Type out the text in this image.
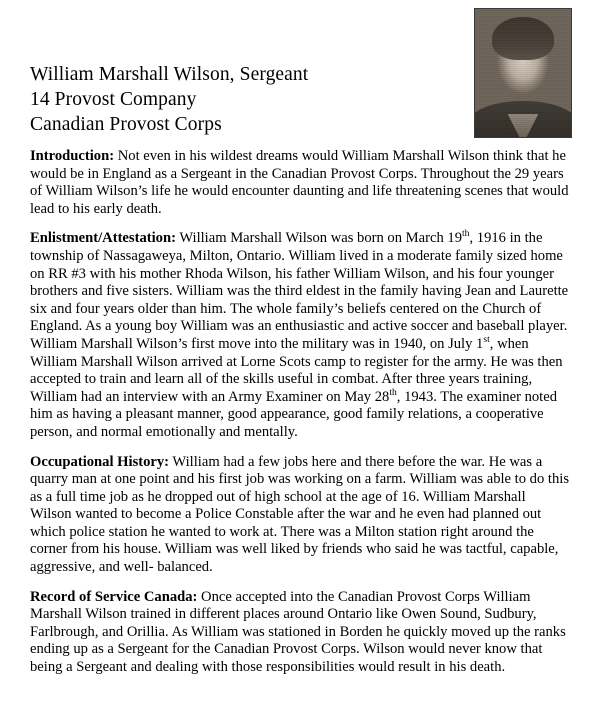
William Marshall Wilson, Sergeant
14 Provost Company
Canadian Provost Corps

Introduction: Not even in his wildest dreams would William Marshall Wilson think that he would be in England as a Sergeant in the Canadian Provost Corps. Throughout the 29 years of William Wilson’s life he would encounter daunting and life threatening scenes that would lead to his early death.

Enlistment/Attestation: William Marshall Wilson was born on March 19th, 1916 in the township of Nassagaweya, Milton, Ontario. William lived in a moderate family sized home on RR #3 with his mother Rhoda Wilson, his father William Wilson, and his four younger brothers and five sisters. William was the third eldest in the family having Jean and Laurette six and four years older than him. The whole family’s beliefs centered on the Church of England. As a young boy William was an enthusiastic and active soccer and baseball player. William Marshall Wilson’s first move into the military was in 1940, on July 1st, when William Marshall Wilson arrived at Lorne Scots camp to register for the army. He was then accepted to train and learn all of the skills useful in combat. After three years training, William had an interview with an Army Examiner on May 28th, 1943. The examiner noted him as having a pleasant manner, good appearance, good family relations, a cooperative person, and normal emotionally and mentally.

Occupational History: William had a few jobs here and there before the war. He was a quarry man at one point and his first job was working on a farm. William was able to do this as a full time job as he dropped out of high school at the age of 16. William Marshall Wilson wanted to become a Police Constable after the war and he even had planned out which police station he wanted to work at. There was a Milton station right around the corner from his house. William was well liked by friends who said he was tactful, capable, aggressive, and well- balanced.

Record of Service Canada: Once accepted into the Canadian Provost Corps William Marshall Wilson trained in different places around Ontario like Owen Sound, Sudbury, Farlbrough, and Orillia. As William was stationed in Borden he quickly moved up the ranks ending up as a Sergeant for the Canadian Provost Corps. Wilson would never know that being a Sergeant and dealing with those responsibilities would result in his death.
